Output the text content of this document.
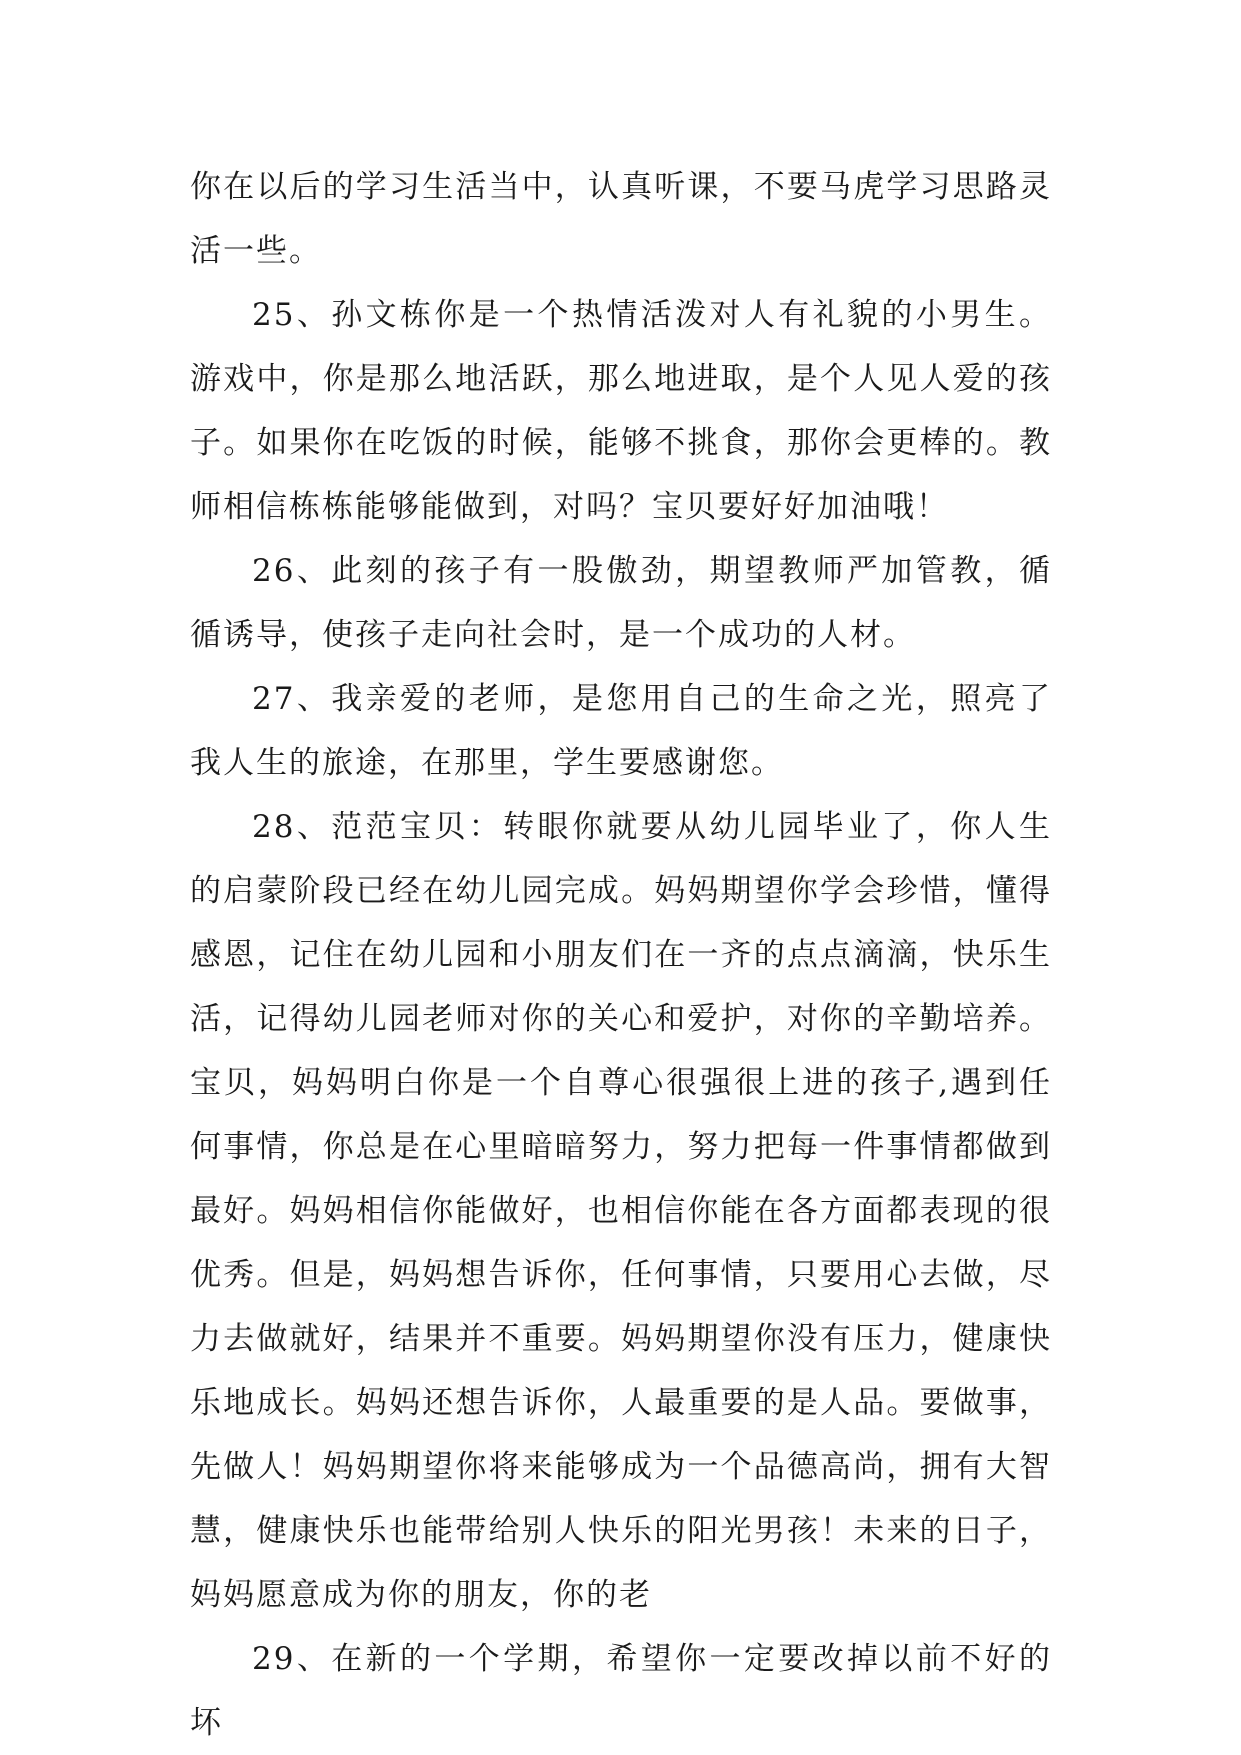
你在以后的学习生活当中，认真听课，不要马虎学习思路灵活一些。

25、孙文栋你是一个热情活泼对人有礼貌的小男生。游戏中，你是那么地活跃，那么地进取，是个人见人爱的孩子。如果你在吃饭的时候，能够不挑食，那你会更棒的。教师相信栋栋能够能做到，对吗？宝贝要好好加油哦！

26、此刻的孩子有一股傲劲，期望教师严加管教，循循诱导，使孩子走向社会时，是一个成功的人材。

27、我亲爱的老师，是您用自己的生命之光，照亮了我人生的旅途，在那里，学生要感谢您。

28、范范宝贝：转眼你就要从幼儿园毕业了，你人生的启蒙阶段已经在幼儿园完成。妈妈期望你学会珍惜，懂得感恩，记住在幼儿园和小朋友们在一齐的点点滴滴，快乐生活，记得幼儿园老师对你的关心和爱护，对你的辛勤培养。宝贝，妈妈明白你是一个自尊心很强很上进的孩子,遇到任何事情，你总是在心里暗暗努力，努力把每一件事情都做到最好。妈妈相信你能做好，也相信你能在各方面都表现的很优秀。但是，妈妈想告诉你，任何事情，只要用心去做，尽力去做就好，结果并不重要。妈妈期望你没有压力，健康快乐地成长。妈妈还想告诉你，人最重要的是人品。要做事，先做人！妈妈期望你将来能够成为一个品德高尚，拥有大智慧，健康快乐也能带给别人快乐的阳光男孩！未来的日子，妈妈愿意成为你的朋友，你的老

29、在新的一个学期，希望你一定要改掉以前不好的坏
